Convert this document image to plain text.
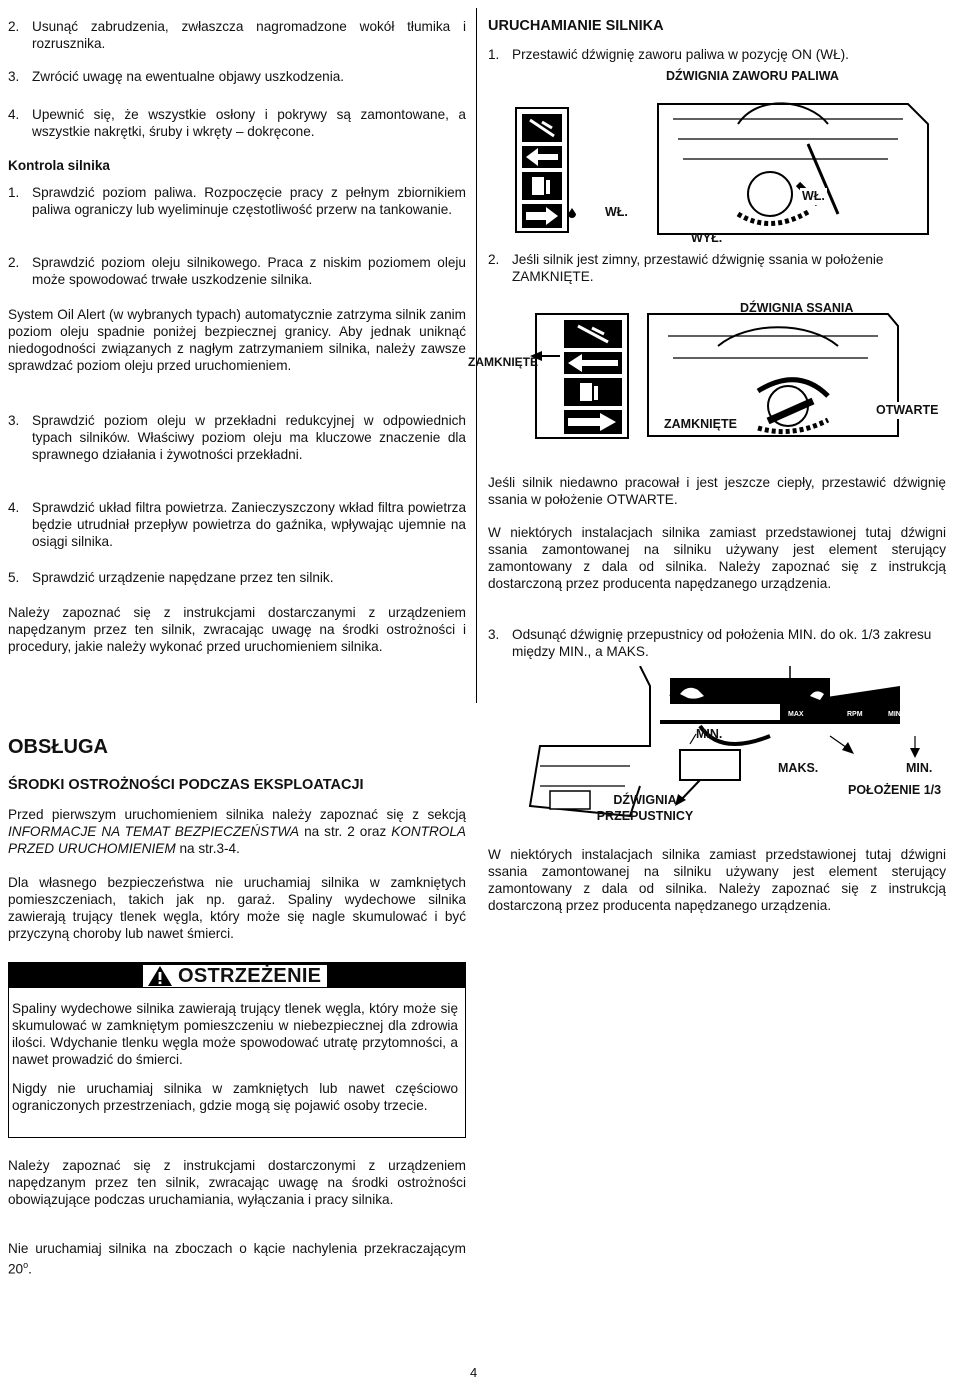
2. Usunąć zabrudzenia, zwłaszcza nagromadzone wokół tłumika i rozrusznika.

3. Zwrócić uwagę na ewentualne objawy uszkodzenia.

4. Upewnić się, że wszystkie osłony i pokrywy są zamontowane, a wszystkie nakrętki, śruby i wkręty – dokręcone.

Kontrola silnika

1. Sprawdzić poziom paliwa. Rozpoczęcie pracy z pełnym zbiornikiem paliwa ograniczy lub wyeliminuje częstotliwość przerw na tankowanie.

2. Sprawdzić poziom oleju silnikowego. Praca z niskim poziomem oleju może spowodować trwałe uszkodzenie silnika.

System Oil Alert (w wybranych typach) automatycznie zatrzyma silnik zanim poziom oleju spadnie poniżej bezpiecznej granicy. Aby jednak uniknąć niedogodności związanych z nagłym zatrzymaniem silnika, należy zawsze sprawdzać poziom oleju przed uruchomieniem.

3. Sprawdzić poziom oleju w przekładni redukcyjnej w odpowiednich typach silników. Właściwy poziom oleju ma kluczowe znaczenie dla sprawnego działania i żywotności przekładni.

4. Sprawdzić układ filtra powietrza. Zanieczyszczony wkład filtra powietrza będzie utrudniał przepływ powietrza do gaźnika, wpływając ujemnie na osiągi silnika.

5. Sprawdzić urządzenie napędzane przez ten silnik.

Należy zapoznać się z instrukcjami dostarczanymi z urządzeniem napędzanym przez ten silnik, zwracając uwagę na środki ostrożności i procedury, jakie należy wykonać przed uruchomieniem silnika.
OBSŁUGA
ŚRODKI OSTROŻNOŚCI PODCZAS EKSPLOATACJI
Przed pierwszym uruchomieniem silnika należy zapoznać się z sekcją INFORMACJE NA TEMAT BEZPIECZEŃSTWA na str. 2 oraz KONTROLA PRZED URUCHOMIENIEM na str.3-4.
Dla własnego bezpieczeństwa nie uruchamiaj silnika w zamkniętych pomieszczeniach, takich jak np. garaż. Spaliny wydechowe silnika zawierają trujący tlenek węgla, który może się nagle skumulować i być przyczyną choroby lub nawet śmierci.
OSTRZEŻENIE
Spaliny wydechowe silnika zawierają trujący tlenek węgla, który może się skumulować w zamkniętym pomieszczeniu w niebezpiecznej dla zdrowia ilości. Wdychanie tlenku węgla może spowodować utratę przytomności, a nawet prowadzić do śmierci.
Nigdy nie uruchamiaj silnika w zamkniętych lub nawet częściowo ograniczonych przestrzeniach, gdzie mogą się pojawić osoby trzecie.
Należy zapoznać się z instrukcjami dostarczonymi z urządzeniem napędzanym przez ten silnik, zwracając uwagę na środki ostrożności obowiązujące podczas uruchamiania, wyłączania i pracy silnika.
Nie uruchamiaj silnika na zboczach o kącie nachylenia przekraczającym 20$^o$.
URUCHAMIANIE SILNIKA

1. Przestawić dźwignię zaworu paliwa w pozycję ON (WŁ).

DŹWIGNIA ZAWORU PALIWA
WŁ.
WŁ.
WYŁ.

2. Jeśli silnik jest zimny, przestawić dźwignię ssania w położenie ZAMKNIĘTE.

DŹWIGNIA SSANIA
ZAMKNIĘTE
ZAMKNIĘTE
OTWARTE
Jeśli silnik niedawno pracował i jest jeszcze ciepły, przestawić dźwignię ssania w położenie OTWARTE.
W niektórych instalacjach silnika zamiast przedstawionej tutaj dźwigni ssania zamontowanej na silniku używany jest element sterujący zamontowany z dala od silnika. Należy zapoznać się z instrukcją dostarczoną przez producenta napędzanego urządzenia.

3. Odsunąć dźwignię przepustnicy od położenia MIN. do ok. 1/3 zakresu między MIN., a MAKS.

MAX	RPM	MIN
MIN.
MAKS.	MIN.
POŁOŻENIE 1/3
DŹWIGNIA
PRZEPUSTNICY
W niektórych instalacjach silnika zamiast przedstawionej tutaj dźwigni ssania zamontowanej na silniku używany jest element sterujący zamontowany z dala od silnika. Należy zapoznać się z instrukcją dostarczoną przez producenta napędzanego urządzenia.
4
